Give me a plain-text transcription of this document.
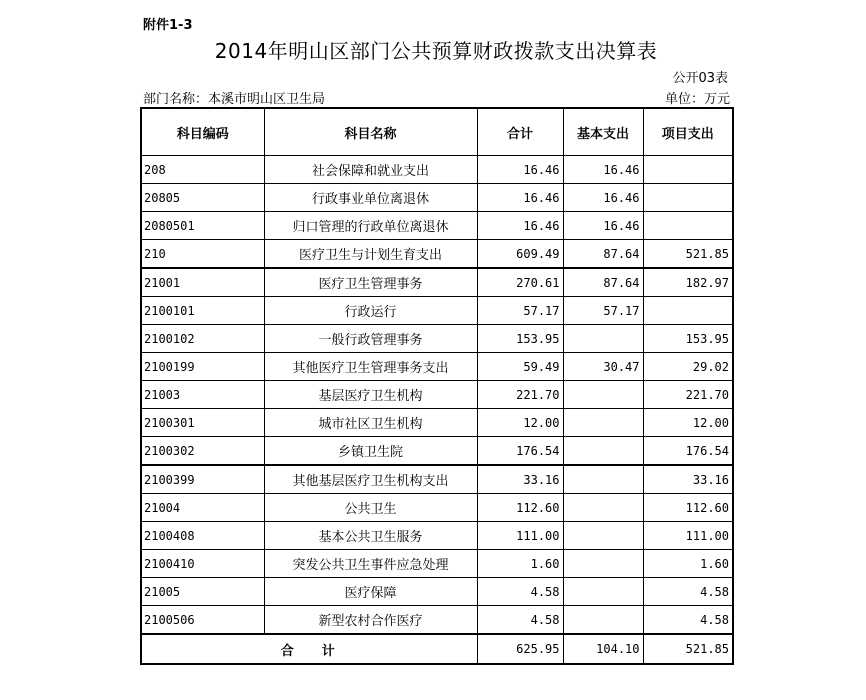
附件1-3
2014年明山区部门公共预算财政拨款支出决算表
公开03表
部门名称：本溪市明山区卫生局	单位：万元
科目编码	科目名称	合计	基本支出	项目支出
208	社会保障和就业支出	16.46	16.46	
20805	行政事业单位离退休	16.46	16.46	
2080501	归口管理的行政单位离退休	16.46	16.46	
210	医疗卫生与计划生育支出	609.49	87.64	521.85
21001	医疗卫生管理事务	270.61	87.64	182.97
2100101	行政运行	57.17	57.17	
2100102	一般行政管理事务	153.95		153.95
2100199	其他医疗卫生管理事务支出	59.49	30.47	29.02
21003	基层医疗卫生机构	221.70		221.70
2100301	城市社区卫生机构	12.00		12.00
2100302	乡镇卫生院	176.54		176.54
2100399	其他基层医疗卫生机构支出	33.16		33.16
21004	公共卫生	112.60		112.60
2100408	基本公共卫生服务	111.00		111.00
2100410	突发公共卫生事件应急处理	1.60		1.60
21005	医疗保障	4.58		4.58
2100506	新型农村合作医疗	4.58		4.58
合计		625.95	104.10	521.85
